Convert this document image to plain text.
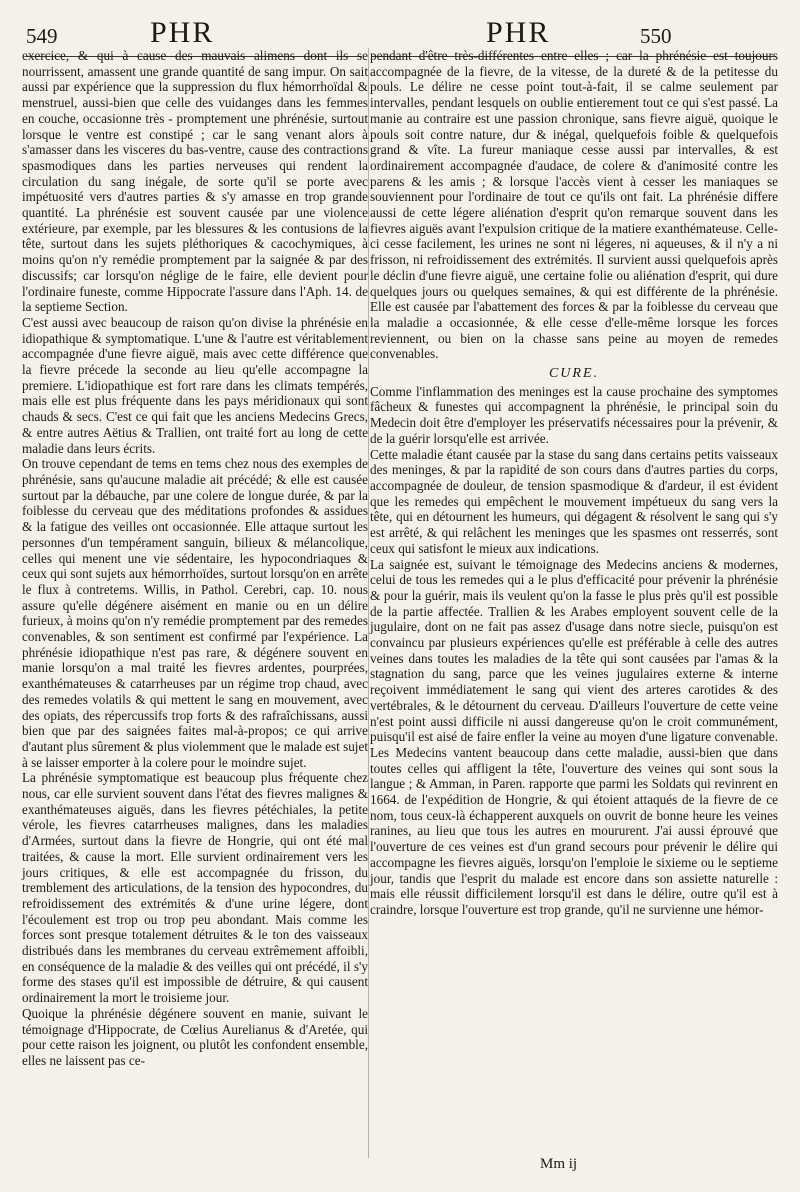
549	PHR	PHR	550

exercice, & qui à cause des mauvais alimens dont ils se nourrissent, amassent une grande quantité de sang impur. On sait aussi par expérience que la suppression du flux hémorrhoïdal & menstruel, aussi-bien que celle des vuidanges dans les femmes en couche, occasionne très - promptement une phrénésie, surtout lorsque le ventre est constipé ; car le sang venant alors à s'amasser dans les visceres du bas-ventre, cause des contractions spasmodiques dans les parties nerveuses qui rendent la circulation du sang inégale, de sorte qu'il se porte avec impétuosité vers d'autres parties & s'y amasse en trop grande quantité. La phrénésie est souvent causée par une violence extérieure, par exemple, par les blessures & les contusions de la tête, surtout dans les sujets pléthoriques & cacochymiques, à moins qu'on n'y remédie promptement par la saignée & par des discussifs; car lorsqu'on néglige de le faire, elle devient pour l'ordinaire funeste, comme Hippocrate l'assure dans l'Aph. 14. de la septieme Section.

C'est aussi avec beaucoup de raison qu'on divise la phrénésie en idiopathique & symptomatique. L'une & l'autre est véritablement accompagnée d'une fievre aiguë, mais avec cette différence que la fievre précede la seconde au lieu qu'elle accompagne la premiere. L'idiopathique est fort rare dans les climats tempérés, mais elle est plus fréquente dans les pays méridionaux qui sont chauds & secs. C'est ce qui fait que les anciens Medecins Grecs, & entre autres Aëtius & Trallien, ont traité fort au long de cette maladie dans leurs écrits.

On trouve cependant de tems en tems chez nous des exemples de phrénésie, sans qu'aucune maladie ait précédé; & elle est causée surtout par la débauche, par une colere de longue durée, & par la foiblesse du cerveau que des méditations profondes & assidues & la fatigue des veilles ont occasionnée. Elle attaque surtout les personnes d'un tempérament sanguin, bilieux & mélancolique, celles qui menent une vie sédentaire, les hypocondriaques & ceux qui sont sujets aux hémorrhoïdes, surtout lorsqu'on en arrête le flux à contretems. Willis, in Pathol. Cerebri, cap. 10. nous assure qu'elle dégénere aisément en manie ou en un délire furieux, à moins qu'on n'y remédie promptement par des remedes convenables, & son sentiment est confirmé par l'expérience. La phrénésie idiopathique n'est pas rare, & dégénere souvent en manie lorsqu'on a mal traité les fievres ardentes, pourprées, exanthémateuses & catarrheuses par un régime trop chaud, avec des remedes volatils & qui mettent le sang en mouvement, avec des opiats, des répercussifs trop forts & des rafraîchissans, aussi bien que par des saignées faites mal-à-propos; ce qui arrive d'autant plus sûrement & plus violemment que le malade est sujet à se laisser emporter à la colere pour le moindre sujet.

La phrénésie symptomatique est beaucoup plus fréquente chez nous, car elle survient souvent dans l'état des fievres malignes & exanthémateuses aiguës, dans les fievres pétéchiales, la petite vérole, les fievres catarrheuses malignes, dans les maladies d'Armées, surtout dans la fievre de Hongrie, qui ont été mal traitées, & cause la mort. Elle survient ordinairement vers les jours critiques, & elle est accompagnée du frisson, du tremblement des articulations, de la tension des hypocondres, du refroidissement des extrémités & d'une urine légere, dont l'écoulement est trop ou trop peu abondant. Mais comme les forces sont presque totalement détruites & le ton des vaisseaux distribués dans les membranes du cerveau extrêmement affoibli, en conséquence de la maladie & des veilles qui ont précédé, il s'y forme des stases qu'il est impossible de détruire, & qui causent ordinairement la mort le troisieme jour.

Quoique la phrénésie dégénere souvent en manie, suivant le témoignage d'Hippocrate, de Cœlius Aurelianus & d'Aretée, qui pour cette raison les joignent, ou plutôt les confondent ensemble, elles ne laissent pas ce-

pendant d'être très-différentes entre elles ; car la phrénésie est toujours accompagnée de la fievre, de la vitesse, de la dureté & de la petitesse du pouls. Le délire ne cesse point tout-à-fait, il se calme seulement par intervalles, pendant lesquels on oublie entierement tout ce qui s'est passé. La manie au contraire est une passion chronique, sans fievre aiguë, quoique le pouls soit contre nature, dur & inégal, quelquefois foible & quelquefois grand & vîte. La fureur maniaque cesse aussi par intervalles, & est ordinairement accompagnée d'audace, de colere & d'animosité contre les parens & les amis ; & lorsque l'accès vient à cesser les maniaques se souviennent pour l'ordinaire de tout ce qu'ils ont fait. La phrénésie differe aussi de cette légere aliénation d'esprit qu'on remarque souvent dans les fievres aiguës avant l'expulsion critique de la matiere exanthémateuse. Celle-ci cesse facilement, les urines ne sont ni légeres, ni aqueuses, & il n'y a ni frisson, ni refroidissement des extrémités. Il survient aussi quelquefois après le déclin d'une fievre aiguë, une certaine folie ou aliénation d'esprit, qui dure quelques jours ou quelques semaines, & qui est différente de la phrénésie. Elle est causée par l'abattement des forces & par la foiblesse du cerveau que la maladie a occasionnée, & elle cesse d'elle-même lorsque les forces reviennent, ou bien on la chasse sans peine au moyen de remedes convenables.

CURE.

Comme l'inflammation des meninges est la cause prochaine des symptomes fâcheux & funestes qui accompagnent la phrénésie, le principal soin du Medecin doit être d'employer les préservatifs nécessaires pour la prévenir, & de la guérir lorsqu'elle est arrivée.

Cette maladie étant causée par la stase du sang dans certains petits vaisseaux des meninges, & par la rapidité de son cours dans d'autres parties du corps, accompagnée de douleur, de tension spasmodique & d'ardeur, il est évident que les remedes qui empêchent le mouvement impétueux du sang vers la tête, qui en détournent les humeurs, qui dégagent & résolvent le sang qui s'y est arrêté, & qui relâchent les meninges que les spasmes ont resserrés, sont ceux qui satisfont le mieux aux indications.

La saignée est, suivant le témoignage des Medecins anciens & modernes, celui de tous les remedes qui a le plus d'efficacité pour prévenir la phrénésie & pour la guérir, mais ils veulent qu'on la fasse le plus près qu'il est possible de la partie affectée. Trallien & les Arabes employent souvent celle de la jugulaire, dont on ne fait pas assez d'usage dans notre siecle, puisqu'on est convaincu par plusieurs expériences qu'elle est préférable à celle des autres veines dans toutes les maladies de la tête qui sont causées par l'amas & la stagnation du sang, parce que les veines jugulaires externe & interne reçoivent immédiatement le sang qui vient des arteres carotides & des vertébrales, & le détournent du cerveau. D'ailleurs l'ouverture de cette veine n'est point aussi difficile ni aussi dangereuse qu'on le croit communément, puisqu'il est aisé de faire enfler la veine au moyen d'une ligature convenable. Les Medecins vantent beaucoup dans cette maladie, aussi-bien que dans toutes celles qui affligent la tête, l'ouverture des veines qui sont sous la langue ; & Amman, in Paren. rapporte que parmi les Soldats qui revinrent en 1664. de l'expédition de Hongrie, & qui étoient attaqués de la fievre de ce nom, tous ceux-là échapperent auxquels on ouvrit de bonne heure les veines ranines, au lieu que tous les autres en moururent. J'ai aussi éprouvé que l'ouverture de ces veines est d'un grand secours pour prévenir le délire qui accompagne les fievres aiguës, lorsqu'on l'emploie le sixieme ou le septieme jour, tandis que l'esprit du malade est encore dans son assiette naturelle : mais elle réussit difficilement lorsqu'il est dans le délire, outre qu'il est à craindre, lorsque l'ouverture est trop grande, qu'il ne survienne une hémor-

Mm ij
